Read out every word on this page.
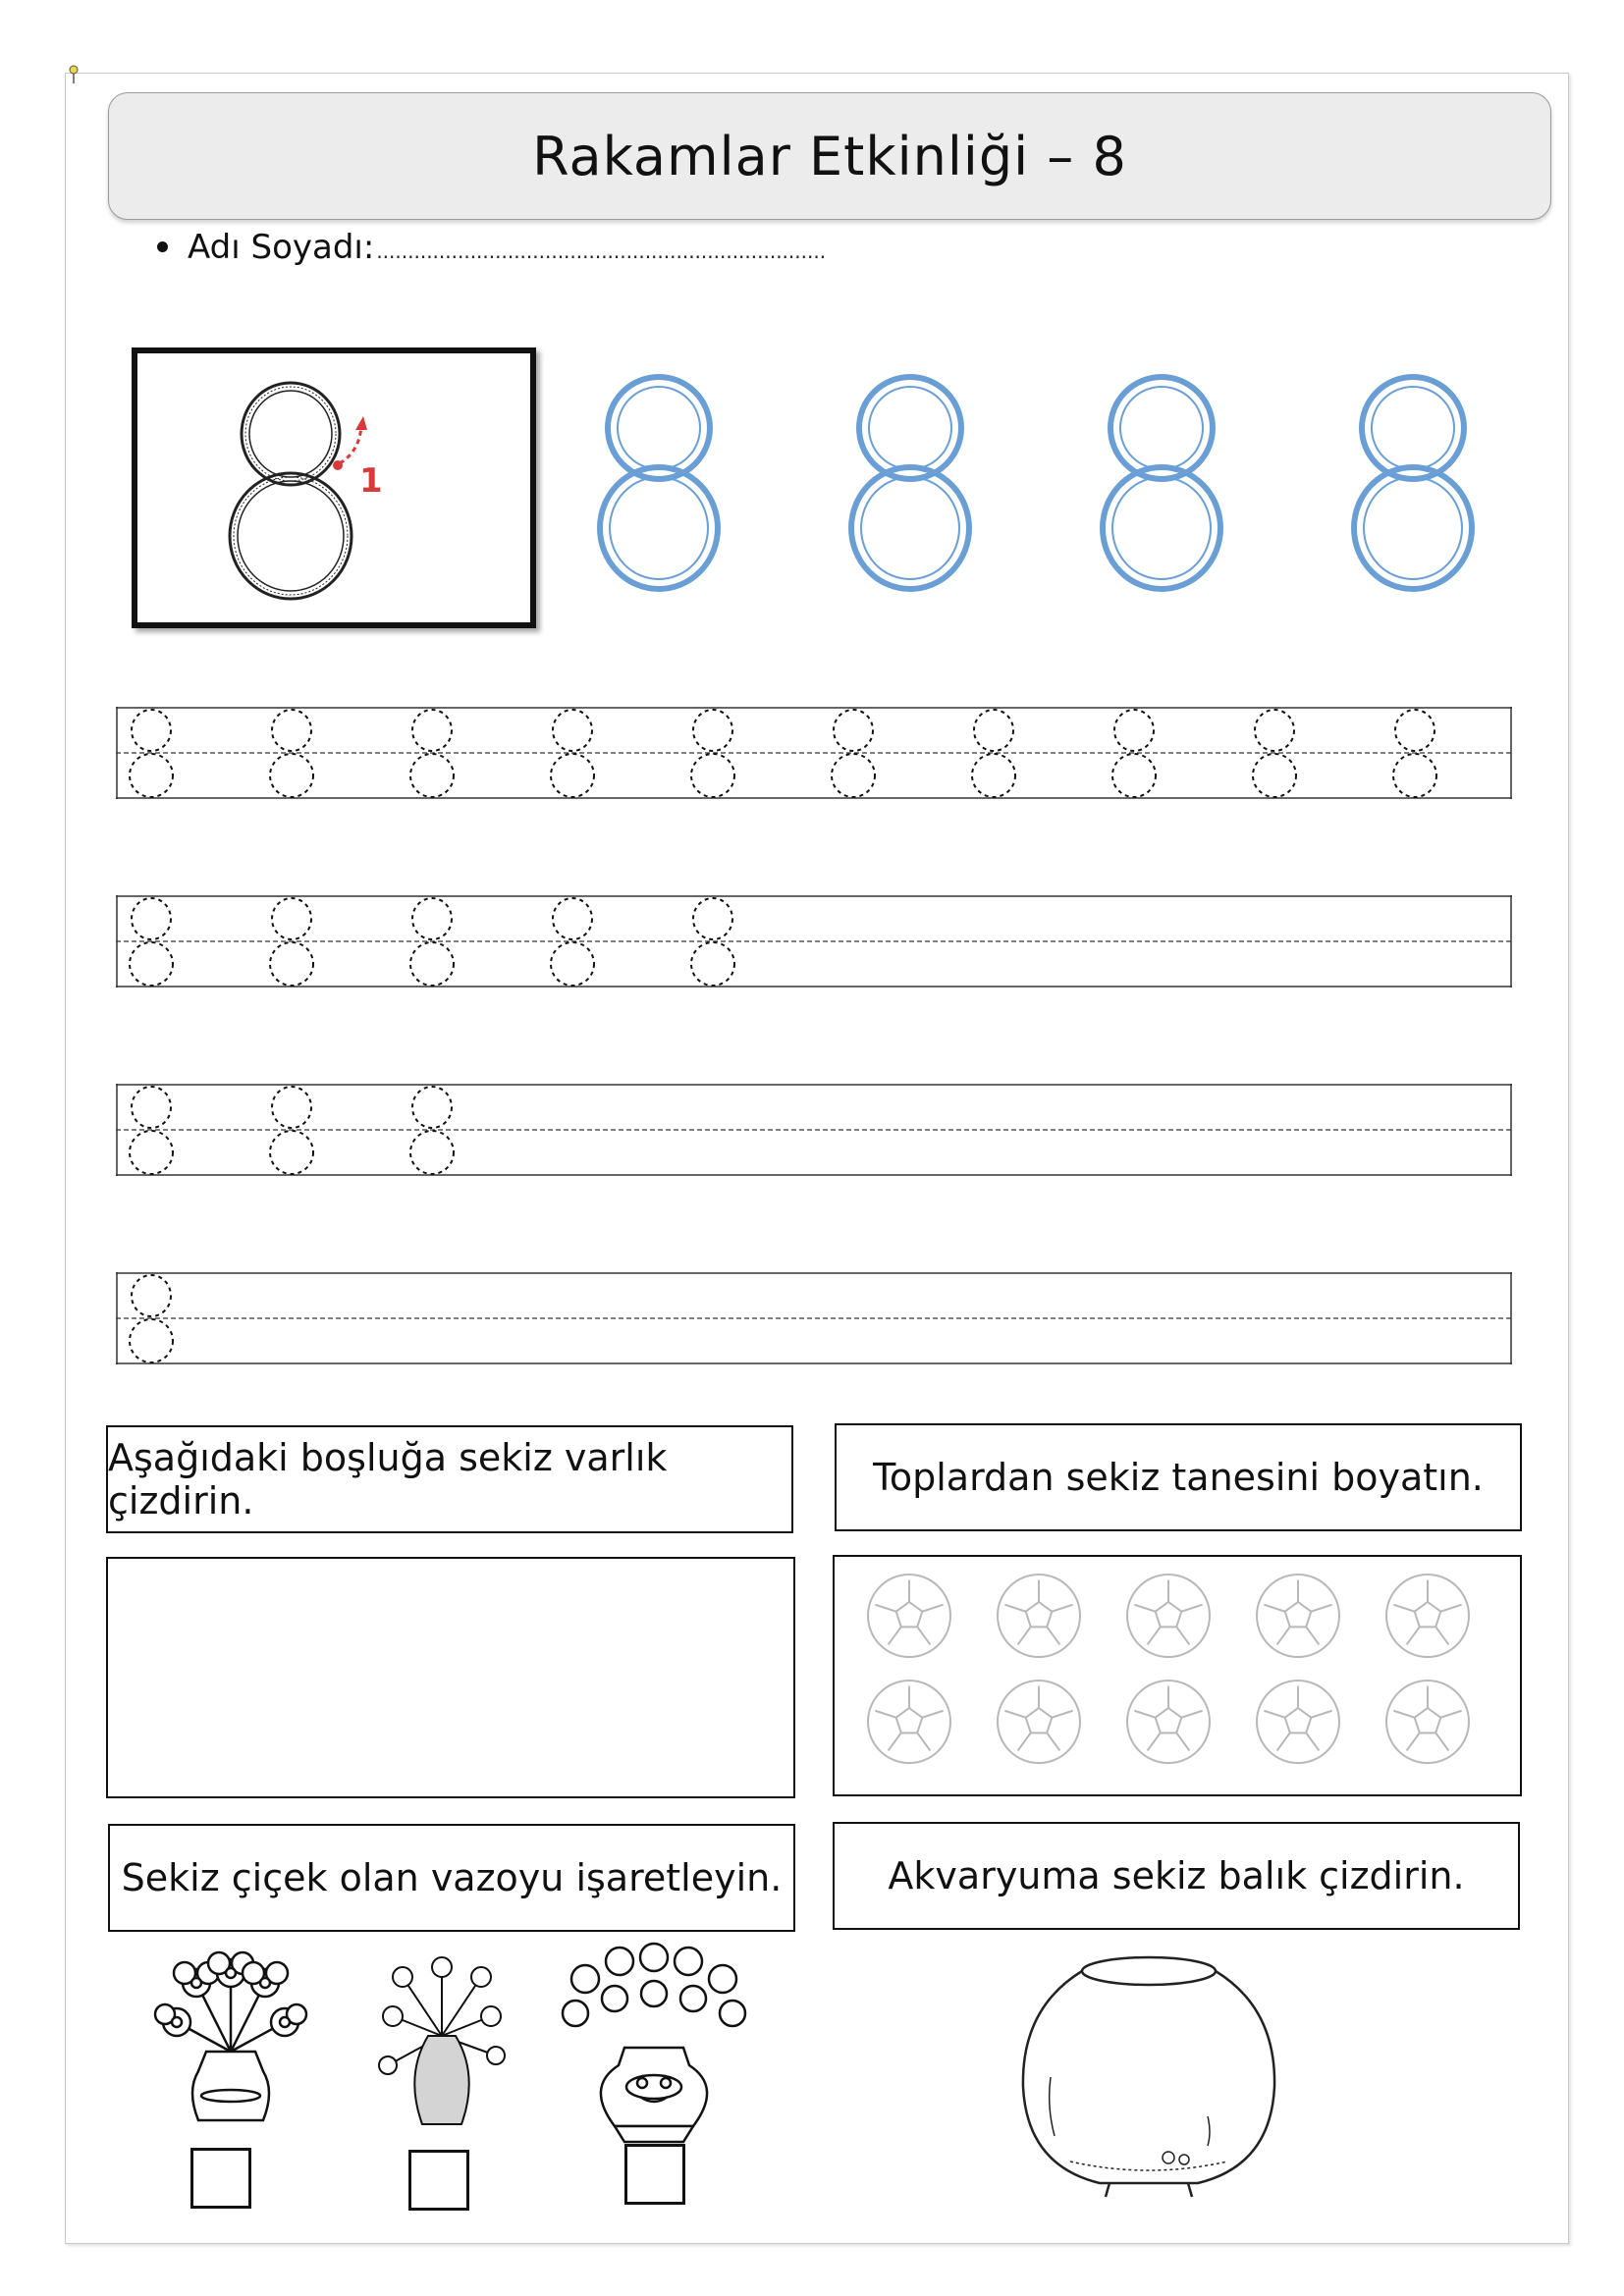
Rakamlar Etkinliği – 8
Adı Soyadı: ........................................................................
1
Aşağıdaki boşluğa sekiz varlık çizdirin.
Toplardan sekiz tanesini boyatın.
Sekiz çiçek olan vazoyu işaretleyin.	Akvaryuma sekiz balık çizdirin.
